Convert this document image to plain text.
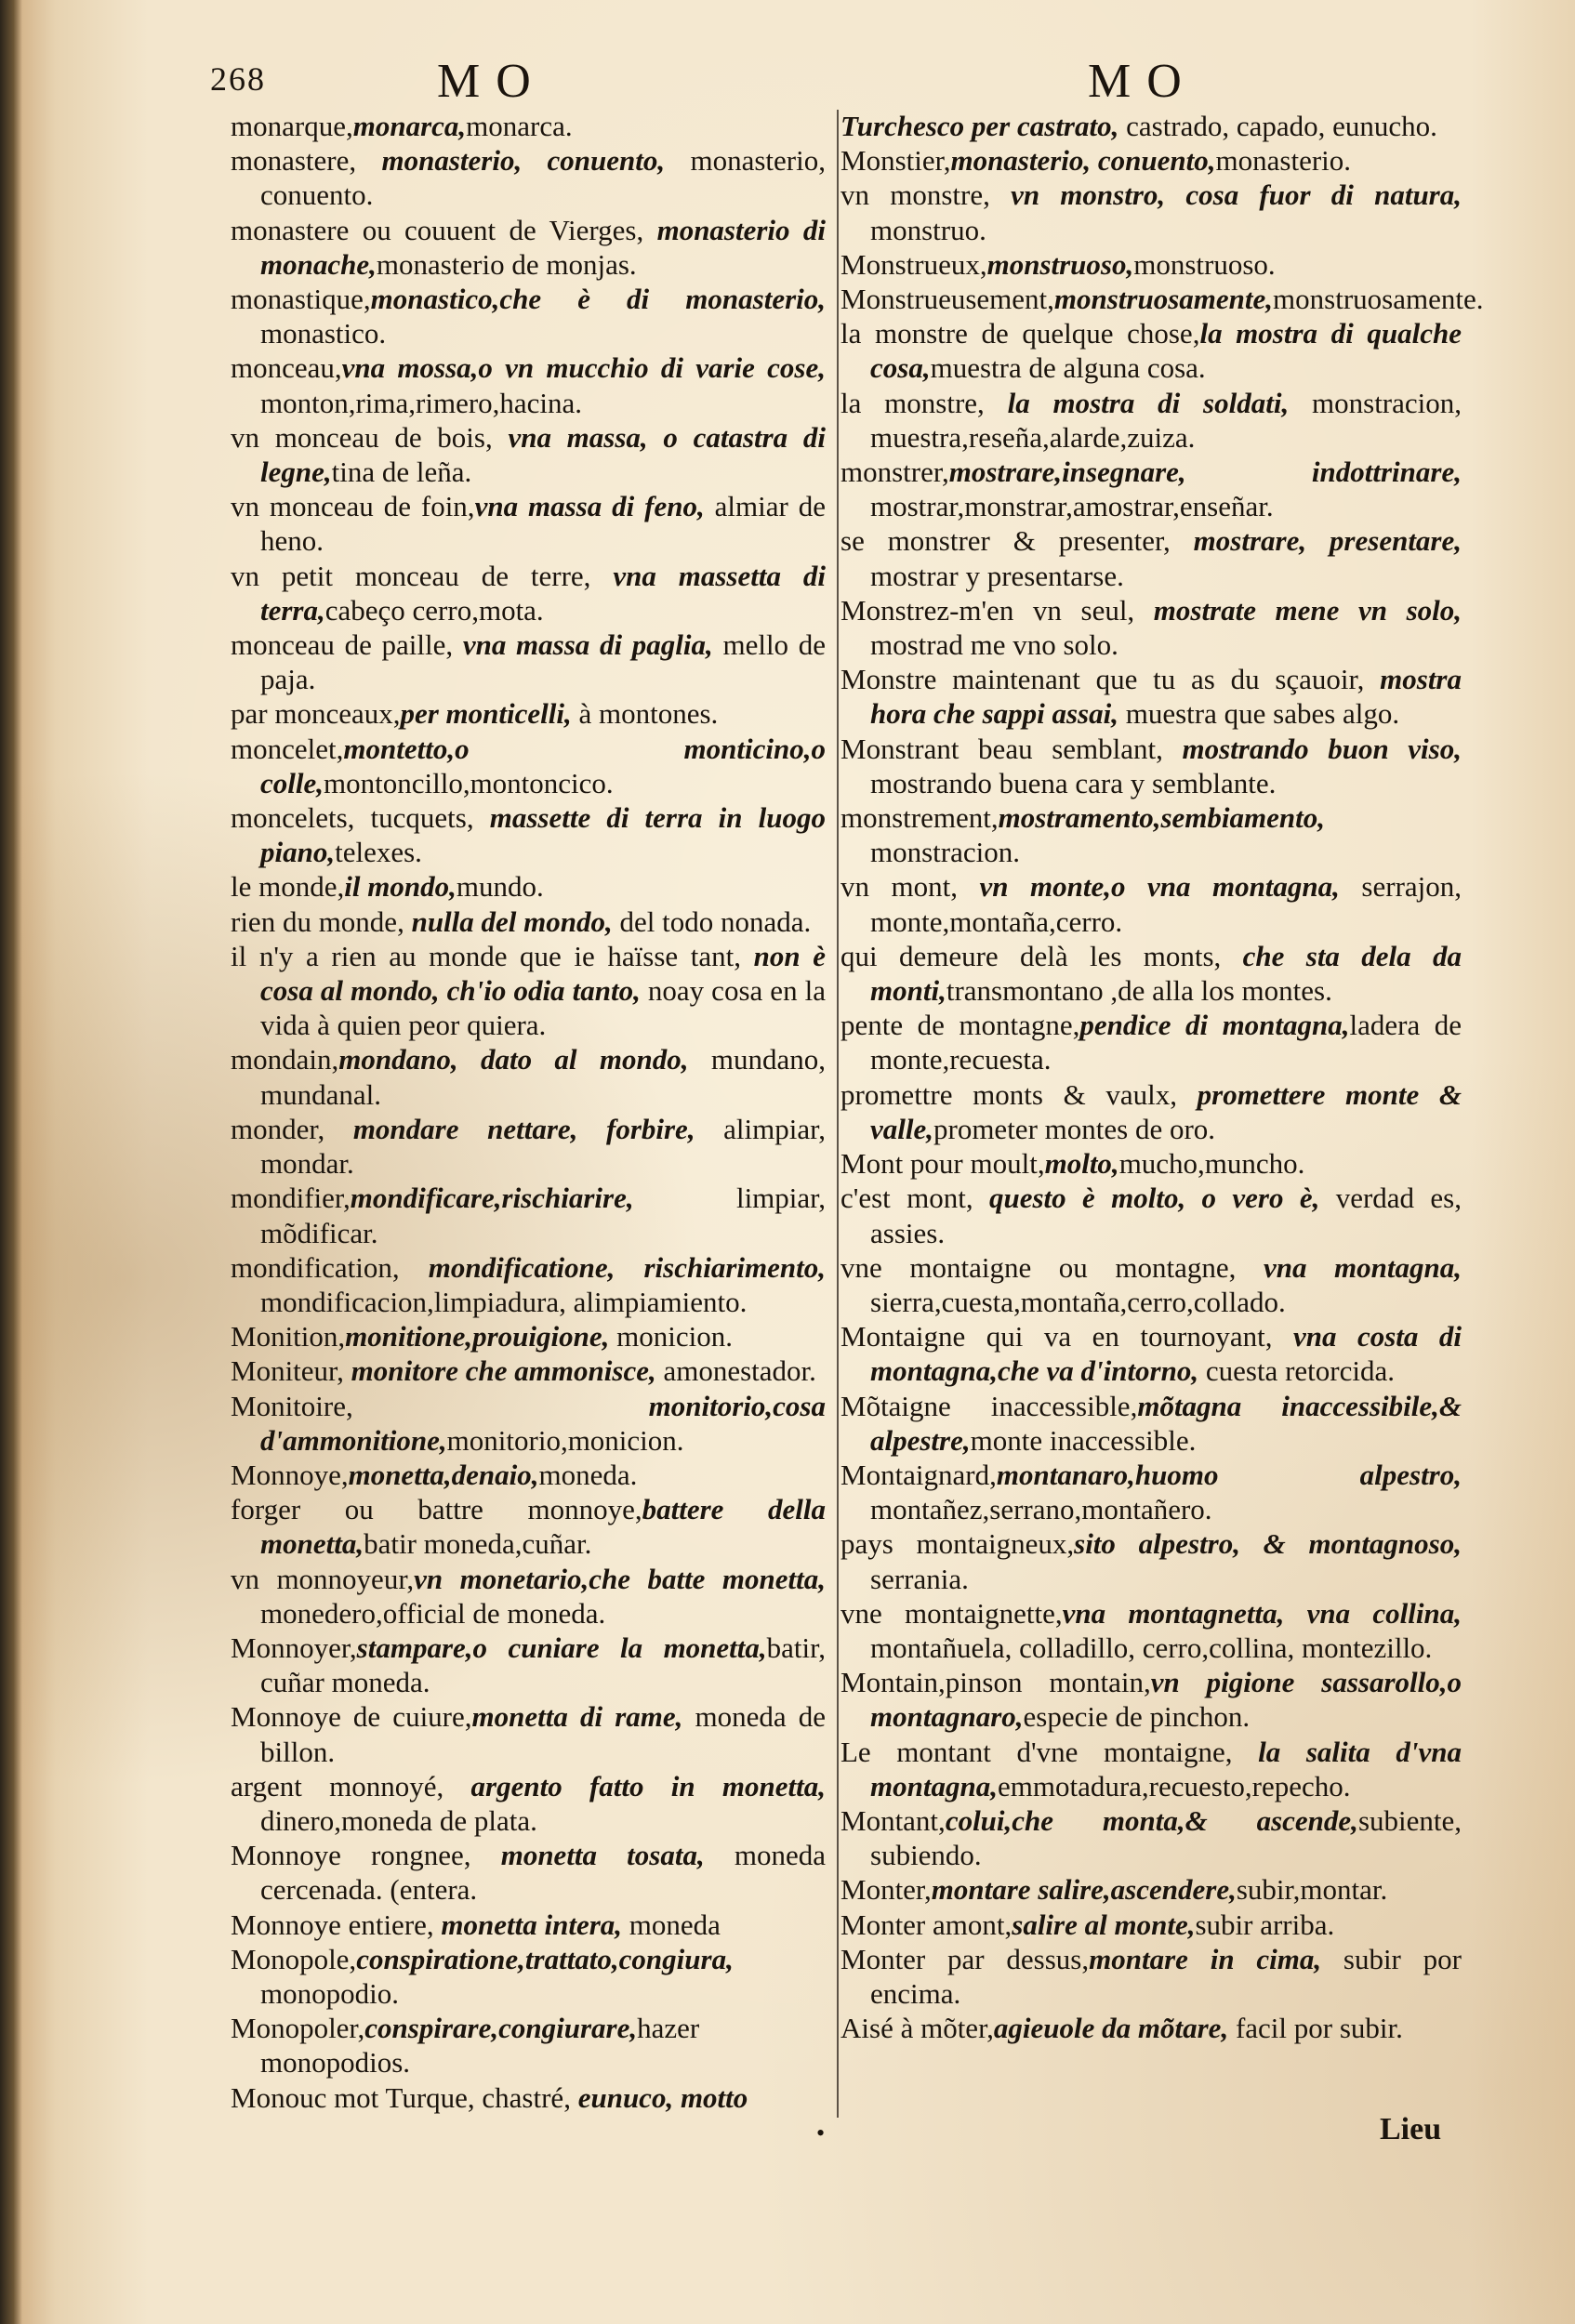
268	M O	M O

monarque,monarca,monarca.

monastere, monasterio, conuento, monasterio, conuento.

monastere ou couuent de Vierges, monasterio di monache,monasterio de monjas.

monastique,monastico,che è di monasterio, monastico.

monceau,vna mossa,o vn mucchio di varie cose, monton,rima,rimero,hacina.

vn monceau de bois, vna massa, o catastra di legne,tina de leña.

vn monceau de foin,vna massa di feno, almiar de heno.

vn petit monceau de terre, vna massetta di terra,cabeço cerro,mota.

monceau de paille, vna massa di paglia, mello de paja.

par monceaux,per monticelli, à montones.

moncelet,montetto,o monticino,o colle,montoncillo,montoncico.

moncelets, tucquets, massette di terra in luogo piano,telexes.

le monde,il mondo,mundo.

rien du monde, nulla del mondo, del todo nonada.

il n'y a rien au monde que ie haïsse tant, non è cosa al mondo, ch'io odia tanto, noay cosa en la vida à quien peor quiera.

mondain,mondano, dato al mondo, mundano, mundanal.

monder, mondare nettare, forbire, alimpiar, mondar.

mondifier,mondificare,rischiarire, limpiar, mõdificar.

mondification, mondificatione, rischiarimento, mondificacion,limpiadura, alimpiamiento.

Monition,monitione,prouigione, monicion.

Moniteur, monitore che ammonisce, amonestador.

Monitoire, monitorio,cosa d'ammonitione,monitorio,monicion.

Monnoye,monetta,denaio,moneda.

forger ou battre monnoye,battere della monetta,batir moneda,cuñar.

vn monnoyeur,vn monetario,che batte monetta, monedero,official de moneda.

Monnoyer,stampare,o cuniare la monetta,batir, cuñar moneda.

Monnoye de cuiure,monetta di rame, moneda de billon.

argent monnoyé, argento fatto in monetta, dinero,moneda de plata.

Monnoye rongnee, monetta tosata, moneda cercenada. (entera.

Monnoye entiere, monetta intera, moneda

Monopole,conspiratione,trattato,congiura, monopodio.

Monopoler,conspirare,congiurare,hazer monopodios.

Monouc mot Turque, chastré, eunuco, motto

Turchesco per castrato, castrado, capado, eunucho.

Monstier,monasterio, conuento,monasterio.

vn monstre, vn monstro, cosa fuor di natura, monstruo.

Monstrueux,monstruoso,monstruoso.

Monstrueusement,monstruosamente,monstruosamente.

la monstre de quelque chose,la mostra di qualche cosa,muestra de alguna cosa.

la monstre, la mostra di soldati, monstracion, muestra,reseña,alarde,zuiza.

monstrer,mostrare,insegnare, indottrinare, mostrar,monstrar,amostrar,enseñar.

se monstrer & presenter, mostrare, presentare, mostrar y presentarse.

Monstrez-m'en vn seul, mostrate mene vn solo, mostrad me vno solo.

Monstre maintenant que tu as du sçauoir, mostra hora che sappi assai, muestra que sabes algo.

Monstrant beau semblant, mostrando buon viso, mostrando buena cara y semblante.

monstrement,mostramento,sembiamento, monstracion.

vn mont, vn monte,o vna montagna, serrajon, monte,montaña,cerro.

qui demeure delà les monts, che sta dela da monti,transmontano ,de alla los montes.

pente de montagne,pendice di montagna,ladera de monte,recuesta.

promettre monts & vaulx, promettere monte & valle,prometer montes de oro.

Mont pour moult,molto,mucho,muncho.

c'est mont, questo è molto, o vero è, verdad es, assies.

vne montaigne ou montagne, vna montagna, sierra,cuesta,montaña,cerro,collado.

Montaigne qui va en tournoyant, vna costa di montagna,che va d'intorno, cuesta retorcida.

Mõtaigne inaccessible,mõtagna inaccessibile,& alpestre,monte inaccessible.

Montaignard,montanaro,huomo alpestro, montañez,serrano,montañero.

pays montaigneux,sito alpestro, & montagnoso, serrania.

vne montaignette,vna montagnetta, vna collina, montañuela, colladillo, cerro,collina, montezillo.

Montain,pinson montain,vn pigione sassarollo,o montagnaro,especie de pinchon.

Le montant d'vne montaigne, la salita d'vna montagna,emmotadura,recuesto,repecho.

Montant,colui,che monta,& ascende,subiente, subiendo.

Monter,montare salire,ascendere,subir,montar.

Monter amont,salire al monte,subir arriba.

Monter par dessus,montare in cima, subir por encima.

Aisé à mõter,agieuole da mõtare, facil por subir.

•	Lieu
